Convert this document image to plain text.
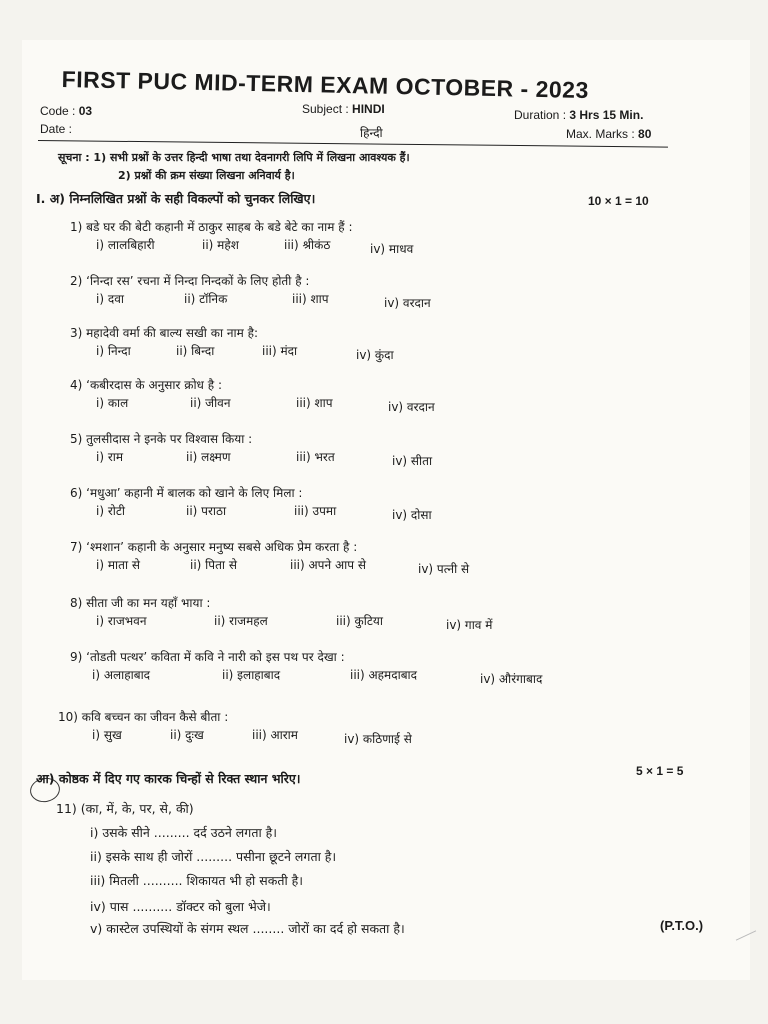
FIRST PUC MID-TERM EXAM OCTOBER - 2023
Code : 03
Date :
Subject : HINDI
हिन्दी
Duration : 3 Hrs 15 Min.
Max. Marks : 80
सूचना : 1) सभी प्रश्नों के उत्तर हिन्दी भाषा तथा देवनागरी लिपि में लिखना आवश्यक हैं।
2) प्रश्नों की क्रम संख्या लिखना अनिवार्य है।
I. अ) निम्नलिखित प्रश्नों के सही विकल्पों को चुनकर लिखिए।	10 × 1 = 10
1) बडे घर की बेटी कहानी में ठाकुर साहब के बडे बेटे का नाम हैं :
i) लालबिहारी	ii) महेश	iii) श्रीकंठ	iv) माधव
2) ‘निन्दा रस’ रचना में निन्दा निन्दकों के लिए होती है :
i) दवा	ii) टॉनिक	iii) शाप	iv) वरदान
3) महादेवी वर्मा की बाल्य सखी का नाम है:
i) निन्दा	ii) बिन्दा	iii) मंदा	iv) कुंदा
4) ‘कबीरदास के अनुसार क्रोध है :
i) काल	ii) जीवन	iii) शाप	iv) वरदान
5) तुलसीदास ने इनके पर विश्वास किया :
i) राम	ii) लक्ष्मण	iii) भरत	iv) सीता
6) ‘मधुआ’ कहानी में बालक को खाने के लिए मिला :
i) रोटी	ii) पराठा	iii) उपमा	iv) दोसा
7) ‘श्मशान’ कहानी के अनुसार मनुष्य सबसे अधिक प्रेम करता है :
i) माता से	ii) पिता से	iii) अपने आप से	iv) पत्नी से
8) सीता जी का मन यहाँ भाया :
i) राजभवन	ii) राजमहल	iii) कुटिया	iv) गाव में
9) ‘तोडती पत्थर’ कविता में कवि ने नारी को इस पथ पर देखा :
i) अलाहाबाद	ii) इलाहाबाद	iii) अहमदाबाद	iv) औरंगाबाद
10) कवि बच्चन का जीवन कैसे बीता :
i) सुख	ii) दुःख	iii) आराम	iv) कठिणाई से
आ) कोष्ठक में दिए गए कारक चिन्हों से रिक्त स्थान भरिए।	5 × 1 = 5
11) (का, में, के, पर, से, की)
i) उसके सीने ......... दर्द उठने लगता है।
ii) इसके साथ ही जोरों ......... पसीना छूटने लगता है।
iii) मितली .......... शिकायत भी हो सकती है।
iv) पास .......... डॉक्टर को बुला भेजे।
v) कास्टेल उपस्थियों के संगम स्थल ........ जोरों का दर्द हो सकता है।	(P.T.O.)
